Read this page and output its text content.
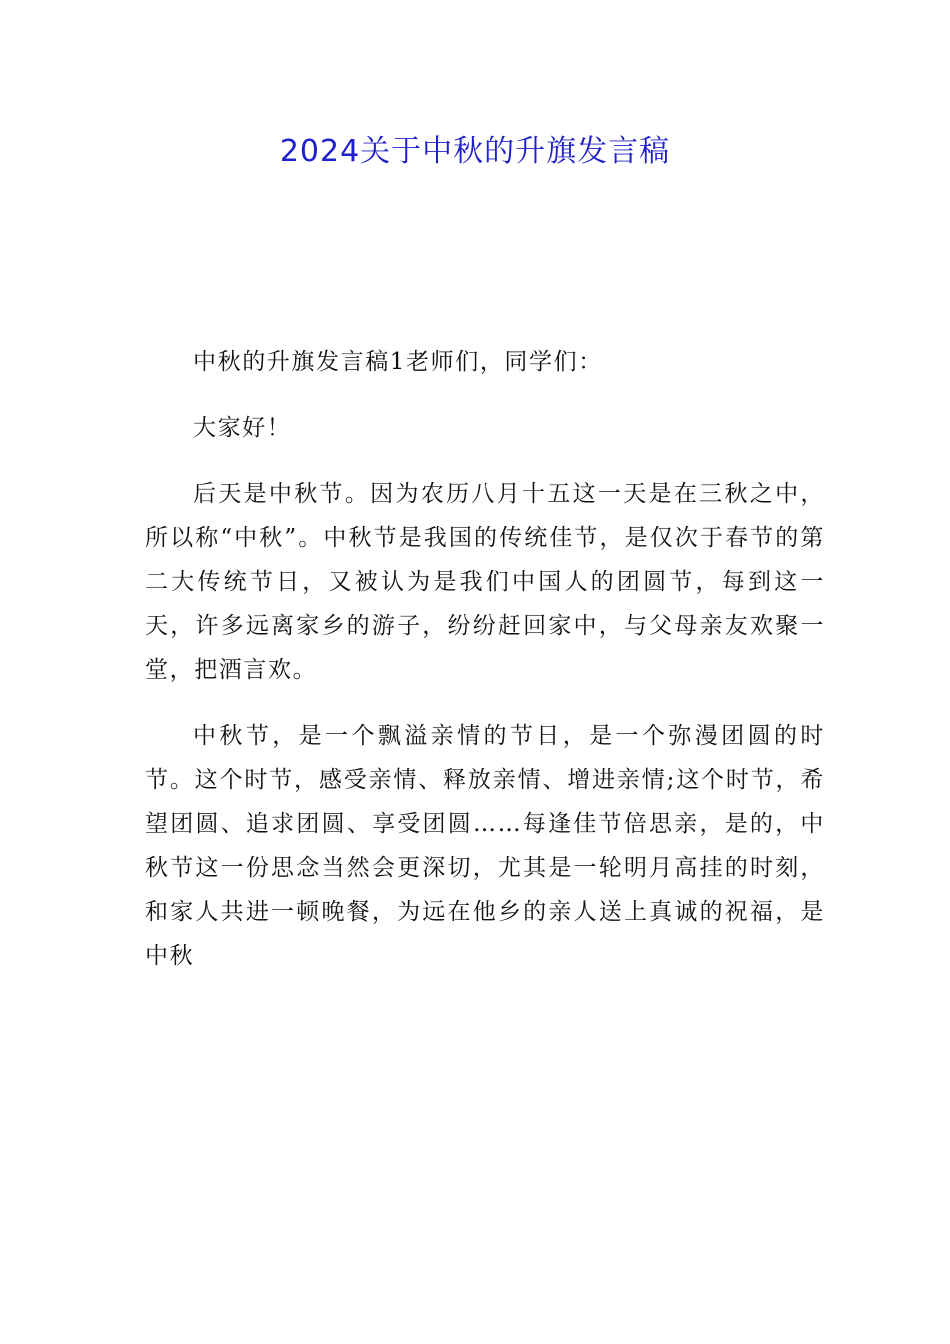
2024关于中秋的升旗发言稿

中秋的升旗发言稿1老师们，同学们：

大家好！

后天是中秋节。因为农历八月十五这一天是在三秋之中，所以称“中秋”。中秋节是我国的传统佳节，是仅次于春节的第二大传统节日，又被认为是我们中国人的团圆节，每到这一天，许多远离家乡的游子，纷纷赶回家中，与父母亲友欢聚一堂，把酒言欢。

中秋节，是一个飘溢亲情的节日，是一个弥漫团圆的时节。这个时节，感受亲情、释放亲情、增进亲情;这个时节，希望团圆、追求团圆、享受团圆……每逢佳节倍思亲，是的，中秋节这一份思念当然会更深切，尤其是一轮明月高挂的时刻，和家人共进一顿晚餐，为远在他乡的亲人送上真诚的祝福，是中秋
